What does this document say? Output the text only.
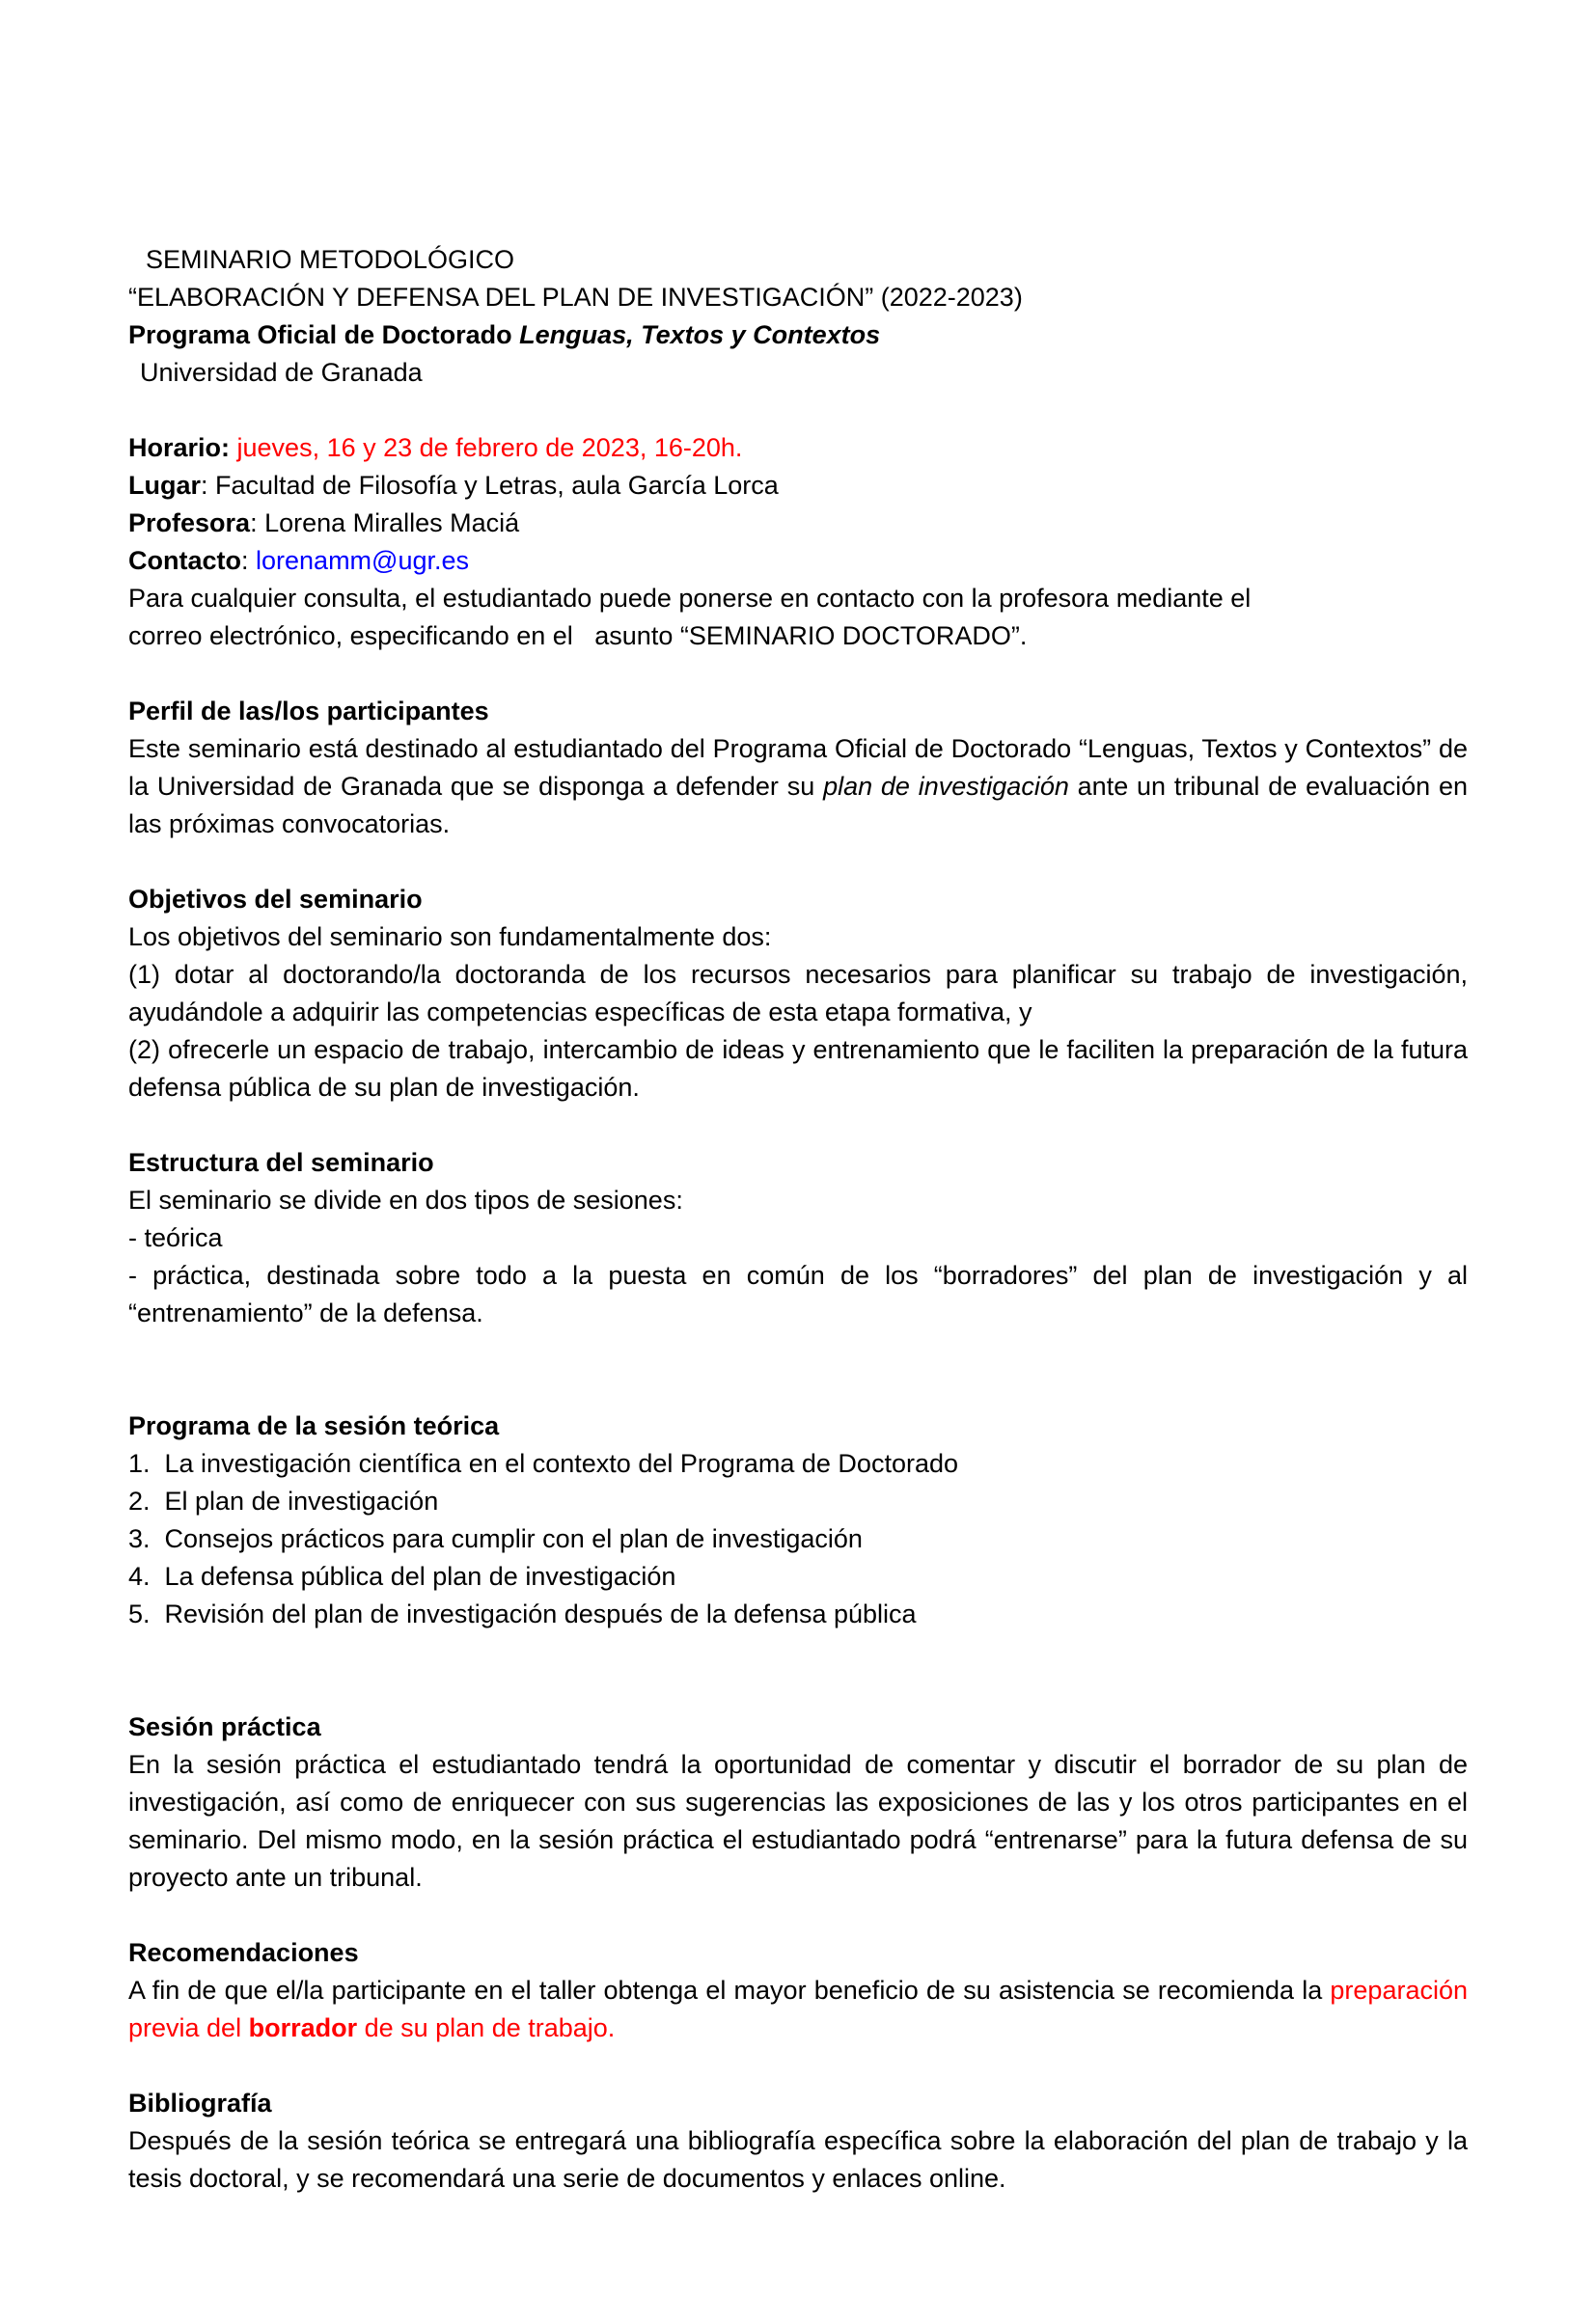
SEMINARIO METODOLÓGICO

“ELABORACIÓN Y DEFENSA DEL PLAN DE INVESTIGACIÓN” (2022-2023)

Programa Oficial de Doctorado Lenguas, Textos y Contextos

Universidad de Granada

Horario: jueves, 16 y 23 de febrero de 2023, 16-20h.

Lugar: Facultad de Filosofía y Letras, aula García Lorca

Profesora: Lorena Miralles Maciá

Contacto: lorenamm@ugr.es

Para cualquier consulta, el estudiantado puede ponerse en contacto con la profesora mediante el
correo electrónico, especificando en el   asunto “SEMINARIO DOCTORADO”.

Perfil de las/los participantes

Este seminario está destinado al estudiantado del Programa Oficial de Doctorado “Lenguas, Textos y Contextos” de la Universidad de Granada que se disponga a defender su plan de investigación ante un tribunal de evaluación en las próximas convocatorias.

Objetivos del seminario

Los objetivos del seminario son fundamentalmente dos:

(1) dotar al doctorando/la doctoranda de los recursos necesarios para planificar su trabajo de investigación, ayudándole a adquirir las competencias específicas de esta etapa formativa, y

(2) ofrecerle un espacio de trabajo, intercambio de ideas y entrenamiento que le faciliten la preparación de la futura defensa pública de su plan de investigación.

Estructura del seminario

El seminario se divide en dos tipos de sesiones:

- teórica

- práctica, destinada sobre todo a la puesta en común de los “borradores” del plan de investigación y al “entrenamiento” de la defensa.

Programa de la sesión teórica

1.  La investigación científica en el contexto del Programa de Doctorado

2.  El plan de investigación

3.  Consejos prácticos para cumplir con el plan de investigación

4.  La defensa pública del plan de investigación

5.  Revisión del plan de investigación después de la defensa pública

Sesión práctica

En la sesión práctica el estudiantado tendrá la oportunidad de comentar y discutir el borrador de su plan de investigación, así como de enriquecer con sus sugerencias las exposiciones de las y los otros participantes en el seminario. Del mismo modo, en la sesión práctica el estudiantado podrá “entrenarse” para la futura defensa de su proyecto ante un tribunal.

Recomendaciones

A fin de que el/la participante en el taller obtenga el mayor beneficio de su asistencia se recomienda la preparación previa del borrador de su plan de trabajo.

Bibliografía

Después de la sesión teórica se entregará una bibliografía específica sobre la elaboración del plan de trabajo y la tesis doctoral, y se recomendará una serie de documentos y enlaces online.
